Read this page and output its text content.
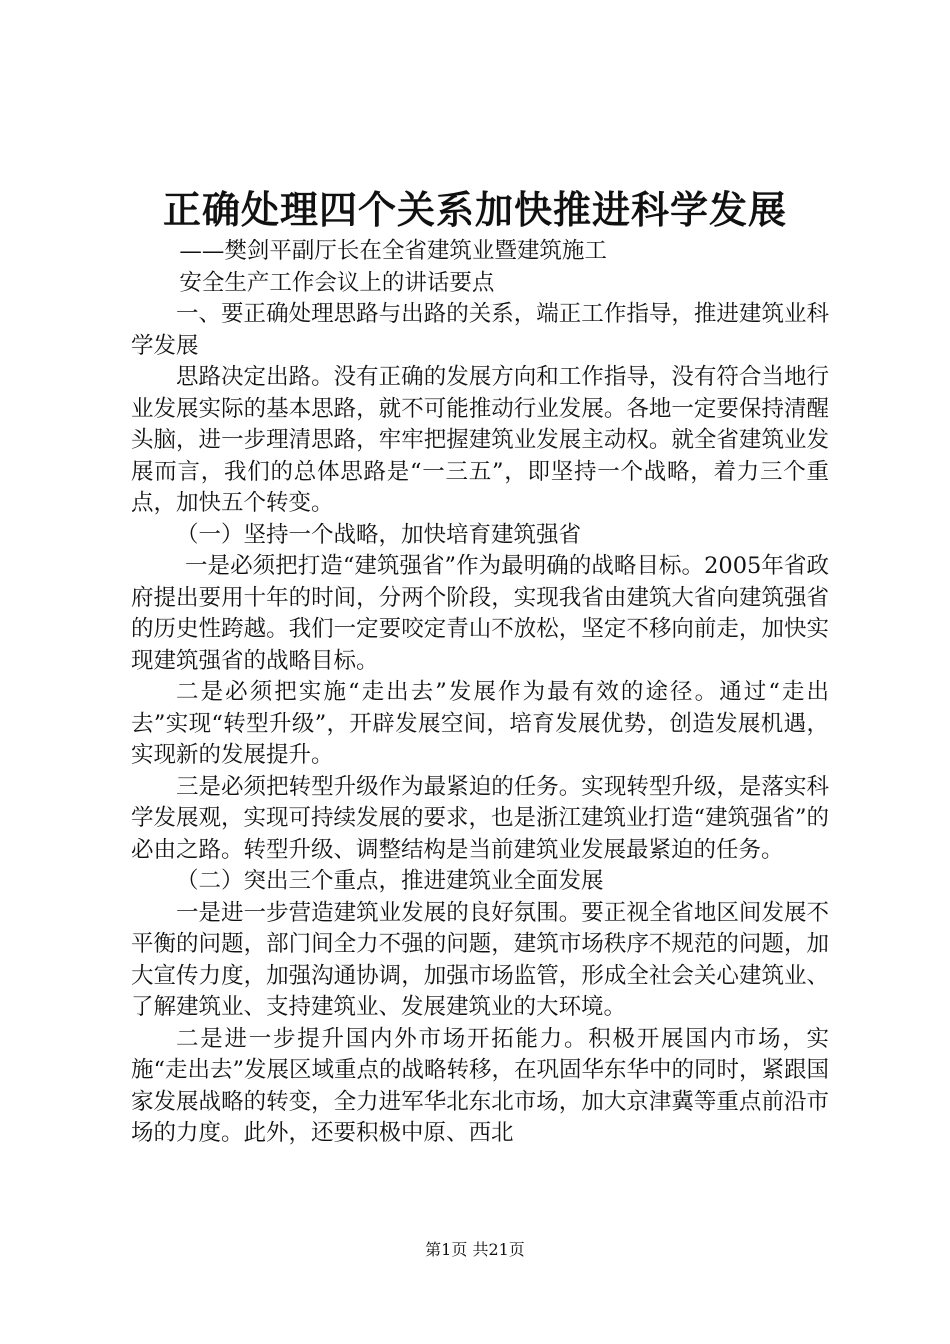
正确处理四个关系加快推进科学发展

——樊剑平副厅长在全省建筑业暨建筑施工

安全生产工作会议上的讲话要点

一、要正确处理思路与出路的关系，端正工作指导，推进建筑业科学发展

思路决定出路。没有正确的发展方向和工作指导，没有符合当地行业发展实际的基本思路，就不可能推动行业发展。各地一定要保持清醒头脑，进一步理清思路，牢牢把握建筑业发展主动权。就全省建筑业发展而言，我们的总体思路是“一三五”，即坚持一个战略，着力三个重点，加快五个转变。

（一）坚持一个战略，加快培育建筑强省

一是必须把打造“建筑强省”作为最明确的战略目标。2005年省政府提出要用十年的时间，分两个阶段，实现我省由建筑大省向建筑强省的历史性跨越。我们一定要咬定青山不放松，坚定不移向前走，加快实现建筑强省的战略目标。

二是必须把实施“走出去”发展作为最有效的途径。通过“走出去”实现“转型升级”，开辟发展空间，培育发展优势，创造发展机遇，实现新的发展提升。

三是必须把转型升级作为最紧迫的任务。实现转型升级，是落实科学发展观，实现可持续发展的要求，也是浙江建筑业打造“建筑强省”的必由之路。转型升级、调整结构是当前建筑业发展最紧迫的任务。

（二）突出三个重点，推进建筑业全面发展

一是进一步营造建筑业发展的良好氛围。要正视全省地区间发展不平衡的问题，部门间全力不强的问题，建筑市场秩序不规范的问题，加大宣传力度，加强沟通协调，加强市场监管，形成全社会关心建筑业、了解建筑业、支持建筑业、发展建筑业的大环境。

二是进一步提升国内外市场开拓能力。积极开展国内市场，实施“走出去”发展区域重点的战略转移，在巩固华东华中的同时，紧跟国家发展战略的转变，全力进军华北东北市场，加大京津冀等重点前沿市场的力度。此外，还要积极中原、西北

第1页 共21页
